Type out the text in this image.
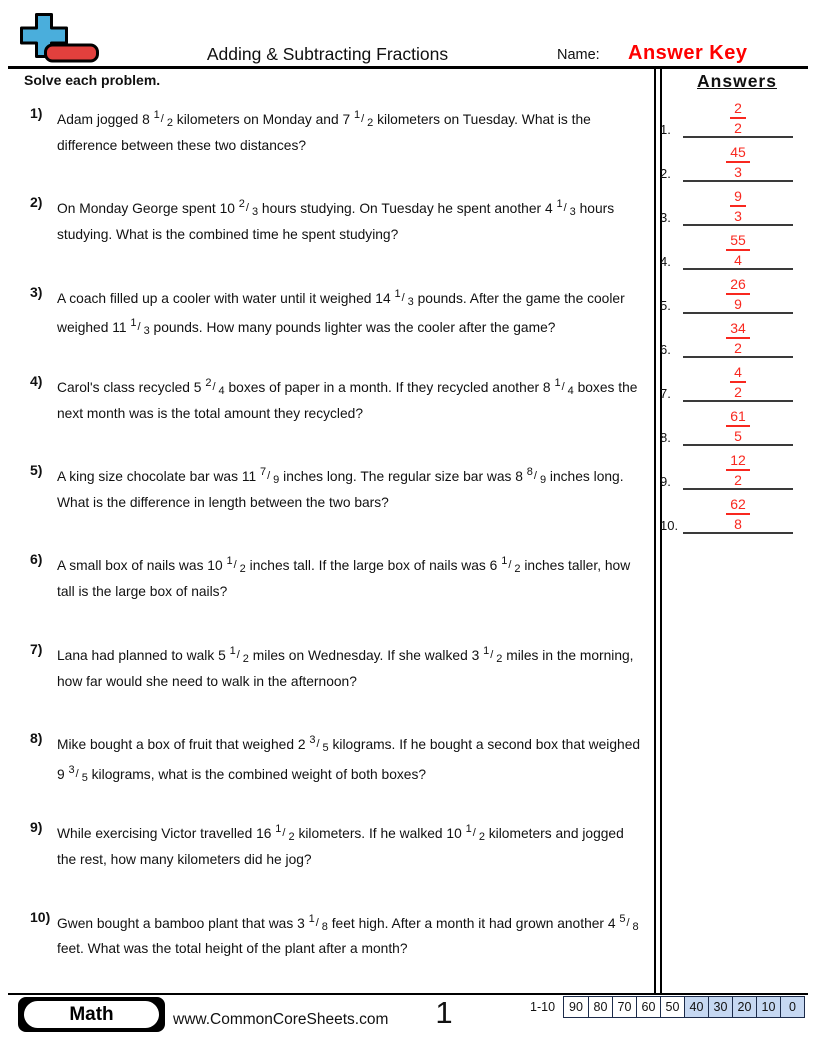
Adding & Subtracting Fractions	Name: Answer Key
Solve each problem.	Answers
1. $\frac{2}{2}$
2. $\frac{45}{3}$
3. $\frac{9}{3}$
4. $\frac{55}{4}$
5. $\frac{26}{9}$
6. $\frac{34}{2}$
7. $\frac{4}{2}$
8. $\frac{61}{5}$
9. $\frac{12}{2}$
10. $\frac{62}{8}$
1)	Adam jogged 8 $^1$/ 2 kilometers on Monday and 7 $^1$/ 2 kilometers on Tuesday. What is the difference between these two distances?
2)	On Monday George spent 10 $^2$/ 3 hours studying. On Tuesday he spent another 4 $^1$/ 3 hours studying. What is the combined time he spent studying?
3)	A coach filled up a cooler with water until it weighed 14 $^1$/ 3 pounds. After the game the cooler weighed 11 $^1$/ 3 pounds. How many pounds lighter was the cooler after the game?
4)	Carol's class recycled 5 $^2$/ 4 boxes of paper in a month. If they recycled another 8 $^1$/ 4 boxes the next month was is the total amount they recycled?
5)	A king size chocolate bar was 11 $^7$/ 9 inches long. The regular size bar was 8 $^8$/ 9 inches long. What is the difference in length between the two bars?
6)	A small box of nails was 10 $^1$/ 2 inches tall. If the large box of nails was 6 $^1$/ 2 inches taller, how tall is the large box of nails?
7)	Lana had planned to walk 5 $^1$/ 2 miles on Wednesday. If she walked 3 $^1$/ 2 miles in the morning, how far would she need to walk in the afternoon?
8)	Mike bought a box of fruit that weighed 2 $^3$/ 5 kilograms. If he bought a second box that weighed 9 $^3$/ 5 kilograms, what is the combined weight of both boxes?
9)	While exercising Victor travelled 16 $^1$/ 2 kilometers. If he walked 10 $^1$/ 2 kilometers and jogged the rest, how many kilometers did he jog?
10) Gwen bought a bamboo plant that was 3 $^1$/ 8 feet high. After a month it had grown another 4 $^5$/ 8 feet. What was the total height of the plant after a month?
Math	www.CommonCoreSheets.com	1	1-10	90 80 70 60 50 40 30 20 10	0
